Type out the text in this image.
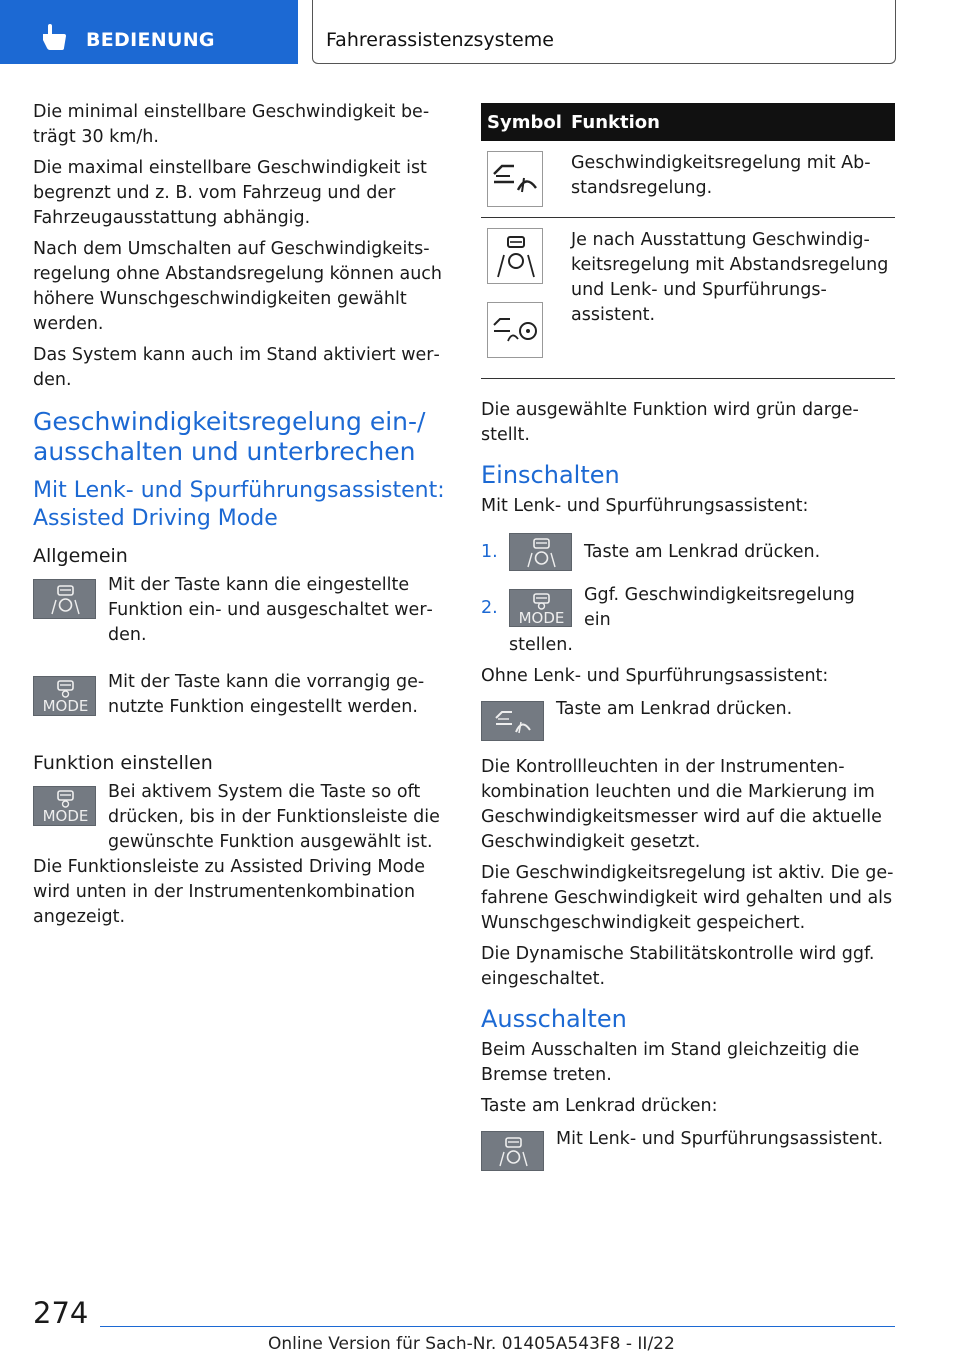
BEDIENUNG	Fahrerassistenzsysteme

Die minimal einstellbare Geschwindigkeit beträgt 30 km/h.

Die maximal einstellbare Geschwindigkeit ist begrenzt und z. B. vom Fahrzeug und der Fahrzeugausstattung abhängig.

Nach dem Umschalten auf Geschwindigkeitsregelung ohne Abstandsregelung können auch höhere Wunschgeschwindigkeiten gewählt werden.

Das System kann auch im Stand aktiviert werden.

Geschwindigkeitsregelung ein-/ ausschalten und unterbrechen
Mit Lenk- und Spurführungsassistent: Assisted Driving Mode
Allgemein
Mit der Taste kann die eingestellte Funktion ein- und ausgeschaltet werden.
MODE
Mit der Taste kann die vorrangig genutzte Funktion eingestellt werden.
Funktion einstellen
MODE
Bei aktivem System die Taste so oft drücken, bis in der Funktionsleiste die gewünschte Funktion ausgewählt ist.

Die Funktionsleiste zu Assisted Driving Mode wird unten in der Instrumentenkombination angezeigt.

Symbol Funktion
Geschwindigkeitsregelung mit Abstandsregelung.
Je nach Ausstattung Geschwindigkeitsregelung mit Abstandsregelung und Lenk- und Spurführungsassistent.

Die ausgewählte Funktion wird grün dargestellt.

Einschalten

Mit Lenk- und Spurführungsassistent:

1.	Taste am Lenkrad drücken.
2.
MODE
Ggf. Geschwindigkeitsregelung ein

stellen.

Ohne Lenk- und Spurführungsassistent:

Taste am Lenkrad drücken.

Die Kontrollleuchten in der Instrumentenkombination leuchten und die Markierung im Geschwindigkeitsmesser wird auf die aktuelle Geschwindigkeit gesetzt.

Die Geschwindigkeitsregelung ist aktiv. Die gefahrene Geschwindigkeit wird gehalten und als Wunschgeschwindigkeit gespeichert.

Die Dynamische Stabilitätskontrolle wird ggf. eingeschaltet.

Ausschalten

Beim Ausschalten im Stand gleichzeitig die Bremse treten.

Taste am Lenkrad drücken:

Mit Lenk- und Spurführungsassistent.
274
Online Version für Sach-Nr. 01405A543F8 - II/22
